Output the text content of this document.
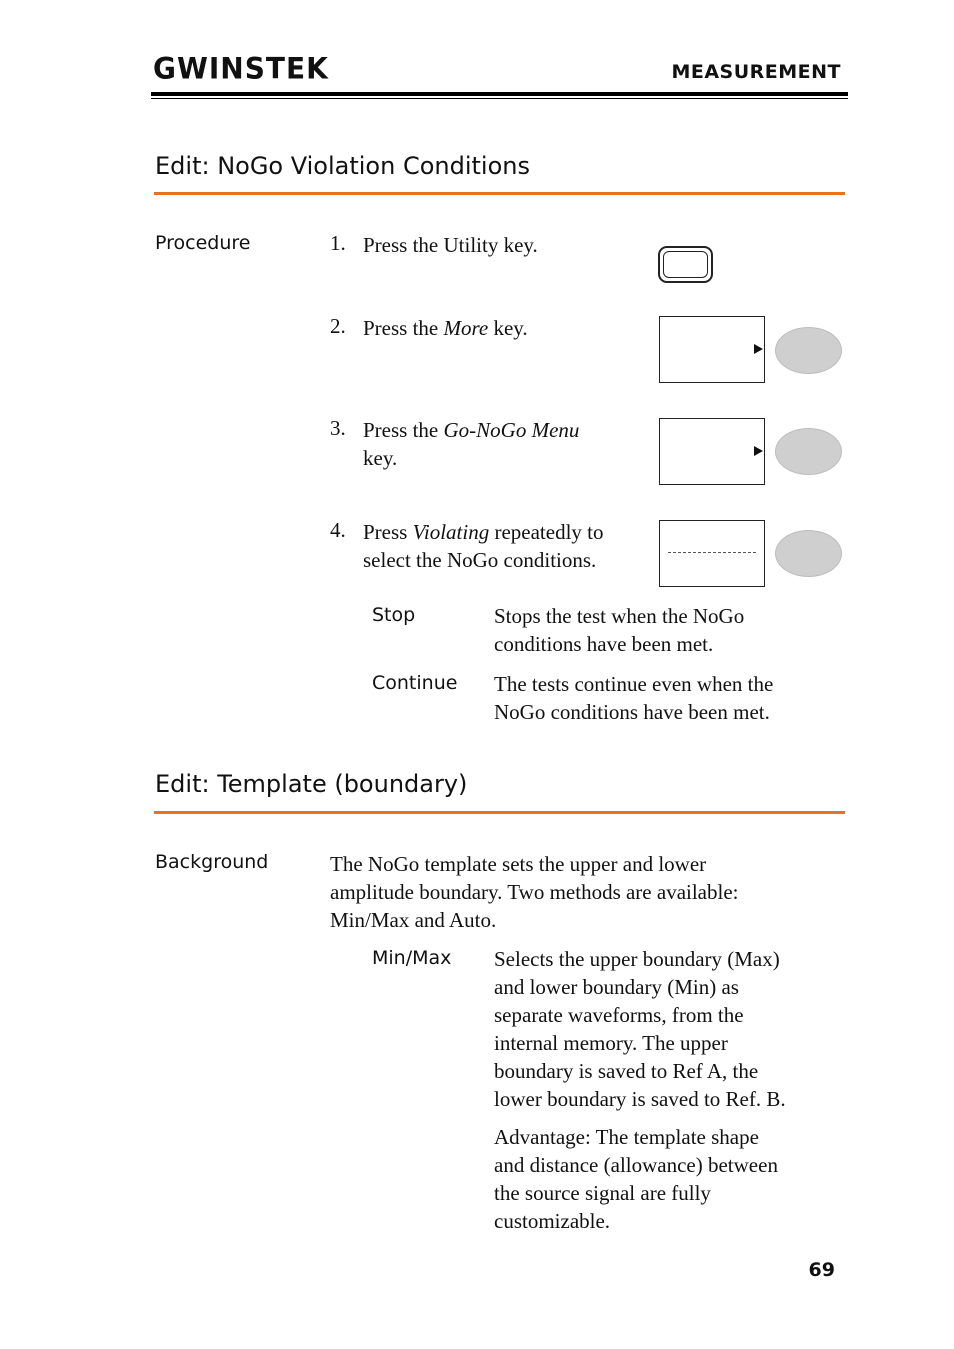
GWINSTEK	MEASUREMENT
Edit: NoGo Violation Conditions
Procedure	1. Press the Utility key.
2. Press the More key.
3. Press the Go-NoGo Menu
key.
4. Press Violating repeatedly to
select the NoGo conditions.
Stop	Stops the test when the NoGo
conditions have been met.
Continue The tests continue even when the
NoGo conditions have been met.
Edit: Template (boundary)
Background	The NoGo template sets the upper and lower
amplitude boundary. Two methods are available:
Min/Max and Auto.
Min/Max Selects the upper boundary (Max)
and lower boundary (Min) as
separate waveforms, from the
internal memory. The upper
boundary is saved to Ref A, the
lower boundary is saved to Ref. B.
Advantage: The template shape
and distance (allowance) between
the source signal are fully
customizable.
69
